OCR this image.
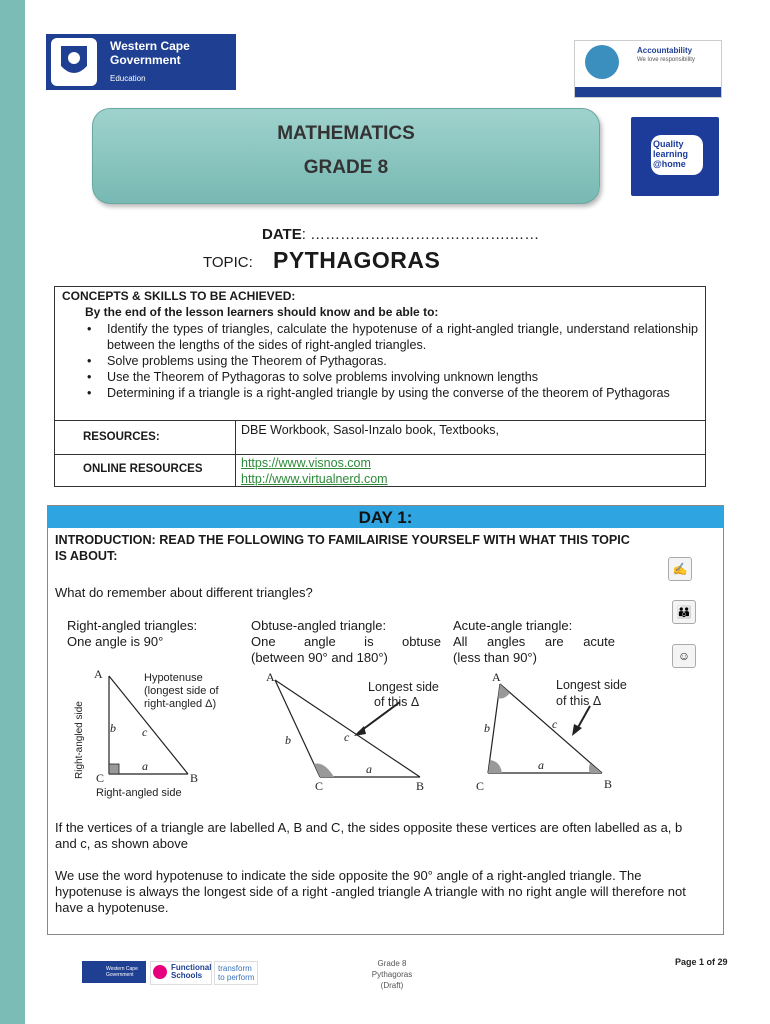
Western Cape
Government
Education
Accountability
We love responsibility
MATHEMATICS
GRADE 8
Quality
learning
@home
DATE: ………………………………….……
TOPIC: PYTHAGORAS
CONCEPTS & SKILLS TO BE ACHIEVED:
By the end of the lesson learners should know and be able to:
• Identify the types of triangles, calculate the hypotenuse of a right-angled triangle, understand relationship between the lengths of the sides of right-angled triangles.
• Solve problems using the Theorem of Pythagoras.
• Use the Theorem of Pythagoras to solve problems involving unknown lengths
• Determining if a triangle is a right-angled triangle by using the converse of the theorem of Pythagoras
RESOURCES:	DBE Workbook, Sasol-Inzalo book, Textbooks,
ONLINE RESOURCES	https://www.visnos.com
http://www.virtualnerd.com
DAY 1:
INTRODUCTION: READ THE FOLLOWING TO FAMILAIRISE YOURSELF WITH WHAT THIS TOPIC IS ABOUT:
What do remember about different triangles?
✍
👪
☺
Right-angled triangles:
One angle is 90°
Obtuse-angled triangle:
One angle is obtuse
(between 90° and 180°)
Acute-angle triangle:
All angles are acute
(less than 90°)
A
C	B
b
a
c
Hypotenuse
(longest side of
right-angled Δ)
Right-angled side
Right-angled side
A
C	B
b
a
c
Longest side
of this Δ
A
C	B
b
a
c
Longest side
of this Δ
If the vertices of a triangle are labelled A, B and C, the sides opposite these vertices are often labelled as a, b and c, as shown above
We use the word hypotenuse to indicate the side opposite the 90° angle of a right-angled triangle. The hypotenuse is always the longest side of a right -angled triangle A triangle with no right angle will therefore not have a hypotenuse.
Western Cape Government
Functional Schools
transform to perform
Grade 8
Pythagoras
(Draft)
Page 1 of 29
